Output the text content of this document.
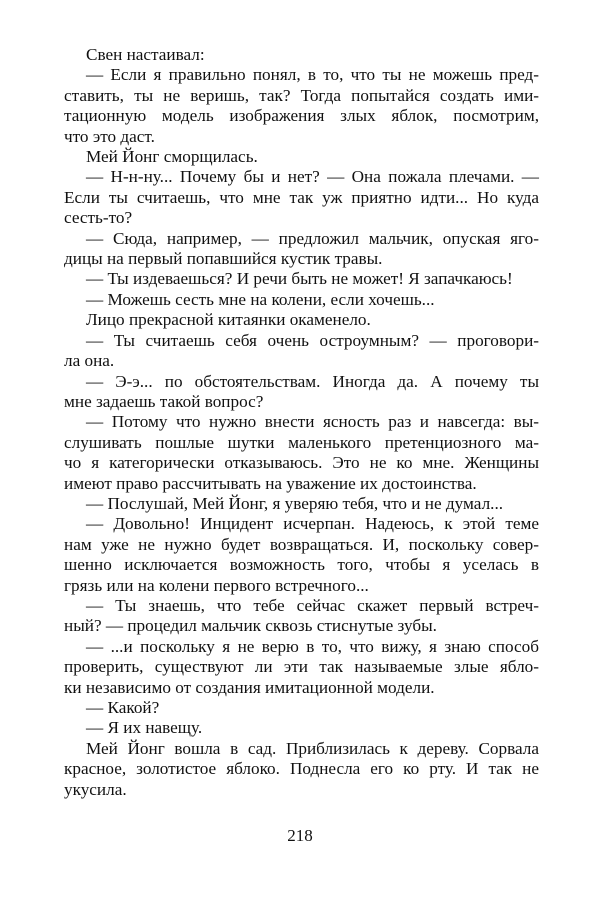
Свен настаивал:
— Если я правильно понял, в то, что ты не можешь пред-
ставить, ты не веришь, так? Тогда попытайся создать ими-
тационную модель изображения злых яблок, посмотрим,
что это даст.
Мей Йонг сморщилась.
— Н-н-ну... Почему бы и нет? — Она пожала плечами. —
Если ты считаешь, что мне так уж приятно идти... Но куда
сесть-то?
— Сюда, например, — предложил мальчик, опуская яго-
дицы на первый попавшийся кустик травы.
— Ты издеваешься? И речи быть не может! Я запачкаюсь!
— Можешь сесть мне на колени, если хочешь...
Лицо прекрасной китаянки окаменело.
— Ты считаешь себя очень остроумным? — проговори-
ла она.
— Э-э... по обстоятельствам. Иногда да. А почему ты
мне задаешь такой вопрос?
— Потому что нужно внести ясность раз и навсегда: вы-
слушивать пошлые шутки маленького претенциозного ма-
чо я категорически отказываюсь. Это не ко мне. Женщины
имеют право рассчитывать на уважение их достоинства.
— Послушай, Мей Йонг, я уверяю тебя, что и не думал...
— Довольно! Инцидент исчерпан. Надеюсь, к этой теме
нам уже не нужно будет возвращаться. И, поскольку совер-
шенно исключается возможность того, чтобы я уселась в
грязь или на колени первого встречного...
— Ты знаешь, что тебе сейчас скажет первый встреч-
ный? — процедил мальчик сквозь стиснутые зубы.
— ...и поскольку я не верю в то, что вижу, я знаю способ
проверить, существуют ли эти так называемые злые ябло-
ки независимо от создания имитационной модели.
— Какой?
— Я их навещу.
Мей Йонг вошла в сад. Приблизилась к дереву. Сорвала
красное, золотистое яблоко. Поднесла его ко рту. И так не
укусила.
218
